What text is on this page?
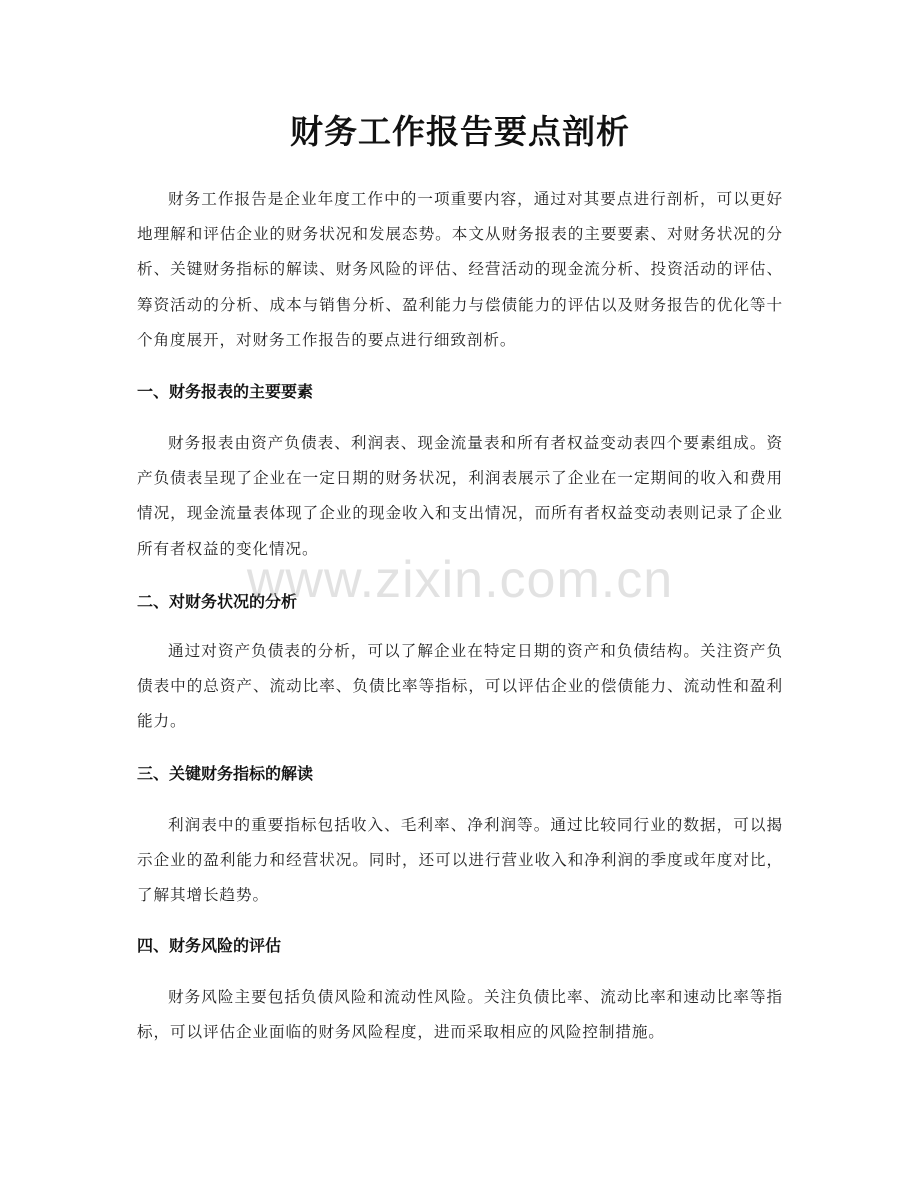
财务工作报告要点剖析

财务工作报告是企业年度工作中的一项重要内容，通过对其要点进行剖析，可以更好地理解和评估企业的财务状况和发展态势。本文从财务报表的主要要素、对财务状况的分析、关键财务指标的解读、财务风险的评估、经营活动的现金流分析、投资活动的评估、筹资活动的分析、成本与销售分析、盈利能力与偿债能力的评估以及财务报告的优化等十个角度展开，对财务工作报告的要点进行细致剖析。

一、财务报表的主要要素

财务报表由资产负债表、利润表、现金流量表和所有者权益变动表四个要素组成。资产负债表呈现了企业在一定日期的财务状况，利润表展示了企业在一定期间的收入和费用情况，现金流量表体现了企业的现金收入和支出情况，而所有者权益变动表则记录了企业所有者权益的变化情况。

二、对财务状况的分析

通过对资产负债表的分析，可以了解企业在特定日期的资产和负债结构。关注资产负债表中的总资产、流动比率、负债比率等指标，可以评估企业的偿债能力、流动性和盈利能力。

三、关键财务指标的解读

利润表中的重要指标包括收入、毛利率、净利润等。通过比较同行业的数据，可以揭示企业的盈利能力和经营状况。同时，还可以进行营业收入和净利润的季度或年度对比，了解其增长趋势。

四、财务风险的评估

财务风险主要包括负债风险和流动性风险。关注负债比率、流动比率和速动比率等指标，可以评估企业面临的财务风险程度，进而采取相应的风险控制措施。

www.zixin.com.cn
